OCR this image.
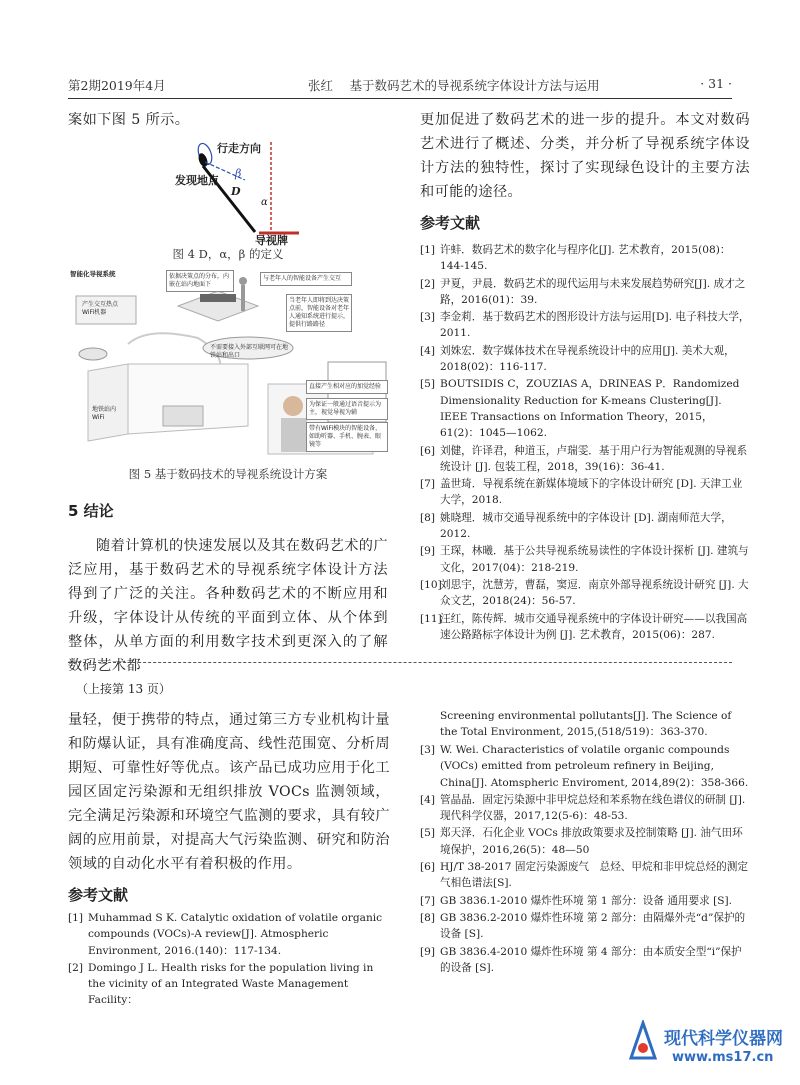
第2期2019年4月	张红　 基于数码艺术的导视系统字体设计方法与运用	· 31 ·
案如下图 5 所示。
行走方向
发现地点
β
D
α
导视牌
图 4 D，α，β 的定义
智能化导视系统	依据决策点的分布，内嵌在站内地面下
与老年人的智能设备产生交互
产生交互热点WiFi机器
当老年人即将到达决策点前，智能设备对老年人通知系统进行提示，提供行路路径
不需要接入外部互联网可在地铁站和出口
地铁站内WiFi
直接产生相对应的加觉经验
为保证一般通过语音提示为主，视觉导视为辅
带有WiFi模块的智能设备，如助听器、手机、腕表、眼镜等
图 5 基于数码技术的导视系统设计方案
5 结论
随着计算机的快速发展以及其在数码艺术的广泛应用，基于数码艺术的导视系统字体设计方法得到了广泛的关注。各种数码艺术的不断应用和升级，字体设计从传统的平面到立体、从个体到整体，从单方面的利用数字技术到更深入的了解数码艺术都
更加促进了数码艺术的进一步的提升。本文对数码艺术进行了概述、分类，并分析了导视系统字体设计方法的独特性，探讨了实现绿色设计的主要方法和可能的途径。
参考文献
[1] 许蚌．数码艺术的数字化与程序化[J]. 艺术教育，2015(08)：144-145.
[2] 尹夏，尹晨．数码艺术的现代运用与未来发展趋势研究[J]. 成才之路，2016(01)：39.
[3] 李金莉．基于数码艺术的图形设计方法与运用[D]. 电子科技大学，2011.
[4] 刘姝宏．数字媒体技术在导视系统设计中的应用[J]. 美术大观，2018(02)：116-117.
[5] BOUTSIDIS C，ZOUZIAS A，DRINEAS P．Randomized Dimensionality Reduction for K-means Clustering[J]. IEEE Transactions on Information Theory，2015，61(2)：1045—1062.
[6] 刘健，许译君，种道玉，卢瑞雯．基于用户行为智能观测的导视系统设计 [J]. 包装工程，2018，39(16)：36-41.
[7] 盖世琦．导视系统在新媒体境域下的字体设计研究 [D]. 天津工业大学，2018.
[8] 姚晓理．城市交通导视系统中的字体设计 [D]. 湖南师范大学，2012.
[9] 王琛，林曦．基于公共导视系统易读性的字体设计探析 [J]. 建筑与文化，2017(04)：218-219.
[10]
刘思宇，沈慧芳，曹磊，窦逗．南京外部导视系统设计研究 [J]. 大众文艺，2018(24)：56-57.
[11]
汪红，陈传辉．城市交通导视系统中的字体设计研究——以我国高速公路路标字体设计为例 [J]. 艺术教育，2015(06)：287.
（上接第 13 页）
量轻，便于携带的特点，通过第三方专业机构计量和防爆认证，具有准确度高、线性范围宽、分析周期短、可靠性好等优点。该产品已成功应用于化工园区固定污染源和无组织排放 VOCs 监测领域，完全满足污染源和环境空气监测的要求，具有较广阔的应用前景，对提高大气污染监测、研究和防治领域的自动化水平有着积极的作用。
参考文献
[1] Muhammad S K. Catalytic oxidation of volatile organic compounds (VOCs)-A review[J]. Atmospheric Environment, 2016.(140)：117-134.
[2] Domingo J L. Health risks for the population living in the vicinity of an Integrated Waste Management Facility：
Screening environmental pollutants[J]. The Science of the Total Environment, 2015,(518/519)：363-370.
[3] W. Wei. Characteristics of volatile organic compounds (VOCs) emitted from petroleum refinery in Beijing, China[J]. Atomspheric Enviroment, 2014,89(2)：358-366.
[4] 管晶晶．固定污染源中非甲烷总烃和苯系物在线色谱仪的研制 [J]. 现代科学仪器，2017,12(5-6)：48-53.
[5] 郑天泽．石化企业 VOCs 排放政策要求及控制策略 [J]. 油气田环境保护，2016,26(5)：48—50
[6] HJ/T 38-2017 固定污染源废气　总烃、甲烷和非甲烷总烃的测定　气相色谱法[S].
[7] GB 3836.1-2010 爆炸性环境 第 1 部分：设备 通用要求 [S].
[8] GB 3836.2-2010 爆炸性环境 第 2 部分：由隔爆外壳“d”保护的设备 [S].
[9] GB 3836.4-2010 爆炸性环境 第 4 部分：由本质安全型“i”保护的设备 [S].
现代科学仪器网
www.ms17.cn
